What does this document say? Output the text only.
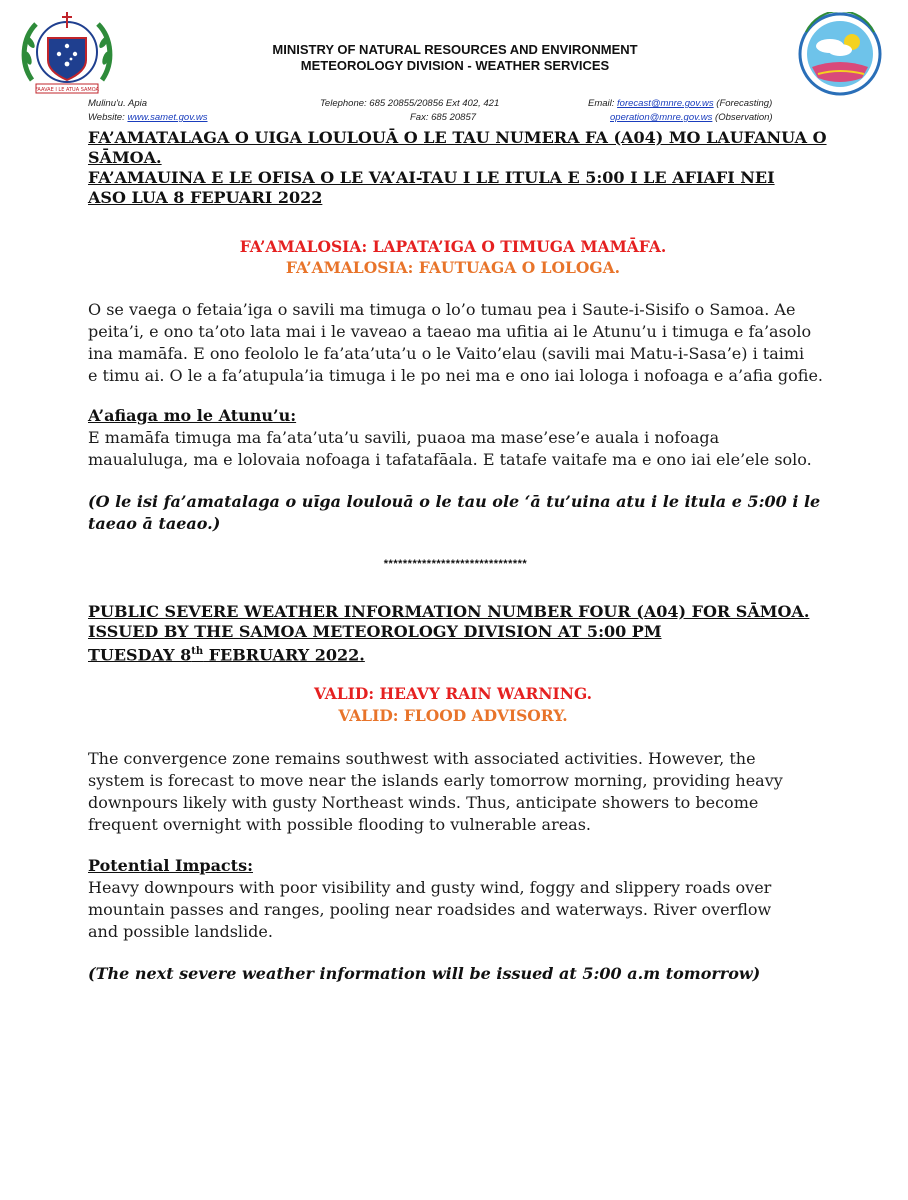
FAAVAE I LE ATUA SAMOA
MINISTRY OF NATURAL RESOURCES AND ENVIRONMENT
METEOROLOGY DIVISION - WEATHER SERVICES
Mulinu'u. Apia	Telephone: 685 20855/20856 Ext 402, 421	Email: forecast@mnre.gov.ws (Forecasting)
Website: www.samet.gov.ws	Fax: 685 20857	operation@mnre.gov.ws (Observation)
FA’AMATALAGA O UIGA LOULOUĀ O LE TAU NUMERA FA (A04) MO LAUFANUA O
SĀMOA.
FA’AMAUINA E LE OFISA O LE VA’AI-TAU I LE ITULA E 5:00 I LE AFIAFI NEI
ASO LUA 8 FEPUARI 2022
FA’AMALOSIA: LAPATA’IGA O TIMUGA MAMĀFA.
FA’AMALOSIA: FAUTUAGA O LOLOGA.
O se vaega o fetaia’iga o savili ma timuga o lo’o tumau pea i Saute-i-Sisifo o Samoa. Ae
peita’i, e ono ta’oto lata mai i le vaveao a taeao ma ufitia ai le Atunu’u i timuga e fa’asolo
ina mamāfa. E ono feololo le fa’ata’uta’u o le Vaito’elau (savili mai Matu-i-Sasa’e) i taimi
e timu ai. O le a fa’atupula’ia timuga i le po nei ma e ono iai lologa i nofoaga e a’afia gofie.
A’afiaga mo le Atunu’u:
E mamāfa timuga ma fa’ata’uta’u savili, puaoa ma mase’ese’e auala i nofoaga
maualuluga, ma e lolovaia nofoaga i tafatafāala. E tatafe vaitafe ma e ono iai ele’ele solo.
(O le isi fa’amatalaga o uīga loulouā o le tau ole ‘ā tu’uina atu i le itula e 5:00 i le
taeao ā taeao.)
******************************
PUBLIC SEVERE WEATHER INFORMATION NUMBER FOUR (A04) FOR SĀMOA.
ISSUED BY THE SAMOA METEOROLOGY DIVISION AT 5:00 PM
TUESDAY 8th FEBRUARY 2022.
VALID: HEAVY RAIN WARNING.
VALID: FLOOD ADVISORY.
The convergence zone remains southwest with associated activities. However, the
system is forecast to move near the islands early tomorrow morning, providing heavy
downpours likely with gusty Northeast winds. Thus, anticipate showers to become
frequent overnight with possible flooding to vulnerable areas.
Potential Impacts:
Heavy downpours with poor visibility and gusty wind, foggy and slippery roads over
mountain passes and ranges, pooling near roadsides and waterways. River overflow
and possible landslide.
(The next severe weather information will be issued at 5:00 a.m tomorrow)
